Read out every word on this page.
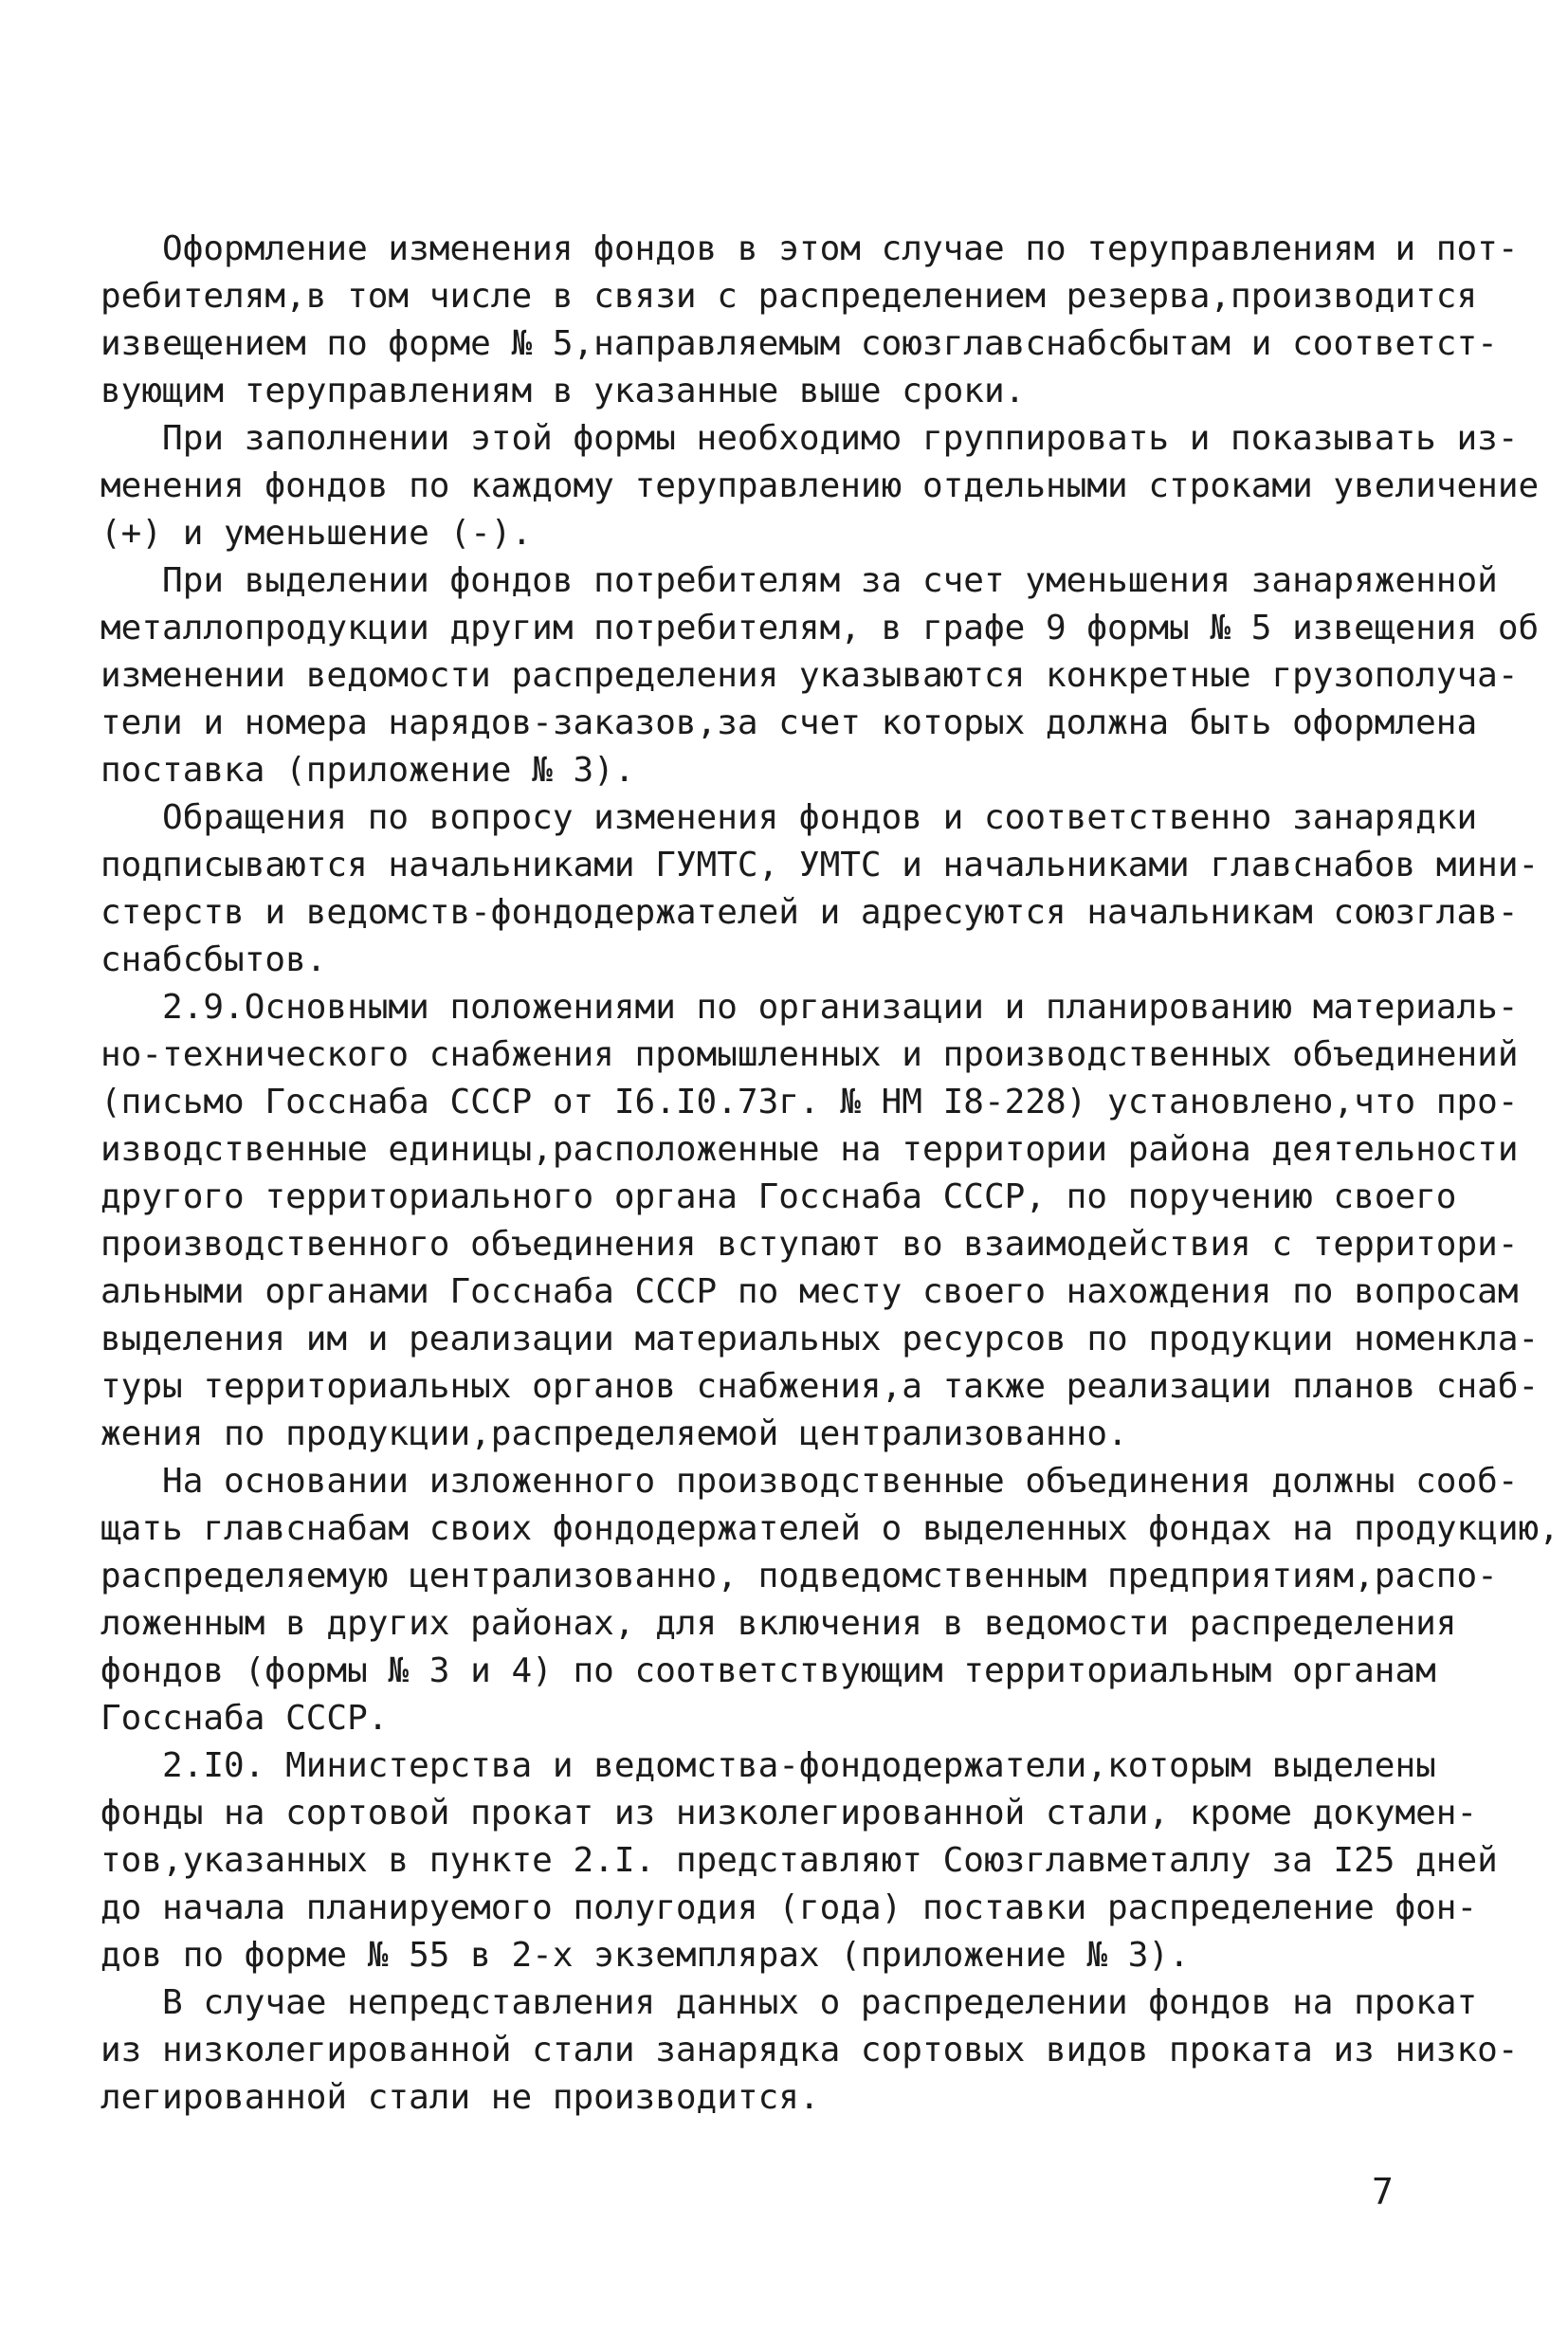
Оформление изменения фондов в этом случае по теруправлениям и пот-
ребителям,в том числе в связи с распределением резерва,производится
извещением по форме № 5,направляемым союзглавснабсбытам и соответст-
вующим теруправлениям в указанные выше сроки.
При заполнении этой формы необходимо группировать и показывать из-
менения фондов по каждому теруправлению отдельными строками увеличение
(+) и уменьшение (-).
При выделении фондов потребителям за счет уменьшения занаряженной
металлопродукции другим потребителям, в графе 9 формы № 5 извещения об
изменении ведомости распределения указываются конкретные грузополуча-
тели и номера нарядов-заказов,за счет которых должна быть оформлена
поставка (приложение № 3).
Обращения по вопросу изменения фондов и соответственно занарядки
подписываются начальниками ГУМТС, УМТС и начальниками главснабов мини-
стерств и ведомств-фондодержателей и адресуются начальникам союзглав-
снабсбытов.
2.9.Основными положениями по организации и планированию материаль-
но-технического снабжения промышленных и производственных объединений
(письмо Госснаба СССР от I6.I0.73г. № НМ I8-228) установлено,что про-
изводственные единицы,расположенные на территории района деятельности
другого территориального органа Госснаба СССР, по поручению своего
производственного объединения вступают во взаимодействия с территори-
альными органами Госснаба СССР по месту своего нахождения по вопросам
выделения им и реализации материальных ресурсов по продукции номенкла-
туры территориальных органов снабжения,а также реализации планов снаб-
жения по продукции,распределяемой централизованно.
На основании изложенного производственные объединения должны сооб-
щать главснабам своих фондодержателей о выделенных фондах на продукцию,
распределяемую централизованно, подведомственным предприятиям,распо-
ложенным в других районах, для включения в ведомости распределения
фондов (формы № 3 и 4) по соответствующим территориальным органам
Госснаба СССР.
2.I0. Министерства и ведомства-фондодержатели,которым выделены
фонды на сортовой прокат из низколегированной стали, кроме докумен-
тов,указанных в пункте 2.I. представляют Союзглавметаллу за I25 дней
до начала планируемого полугодия (года) поставки распределение фон-
дов по форме № 55 в 2-х экземплярах (приложение № 3).
В случае непредставления данных о распределении фондов на прокат
из низколегированной стали занарядка сортовых видов проката из низко-
легированной стали не производится.
7
